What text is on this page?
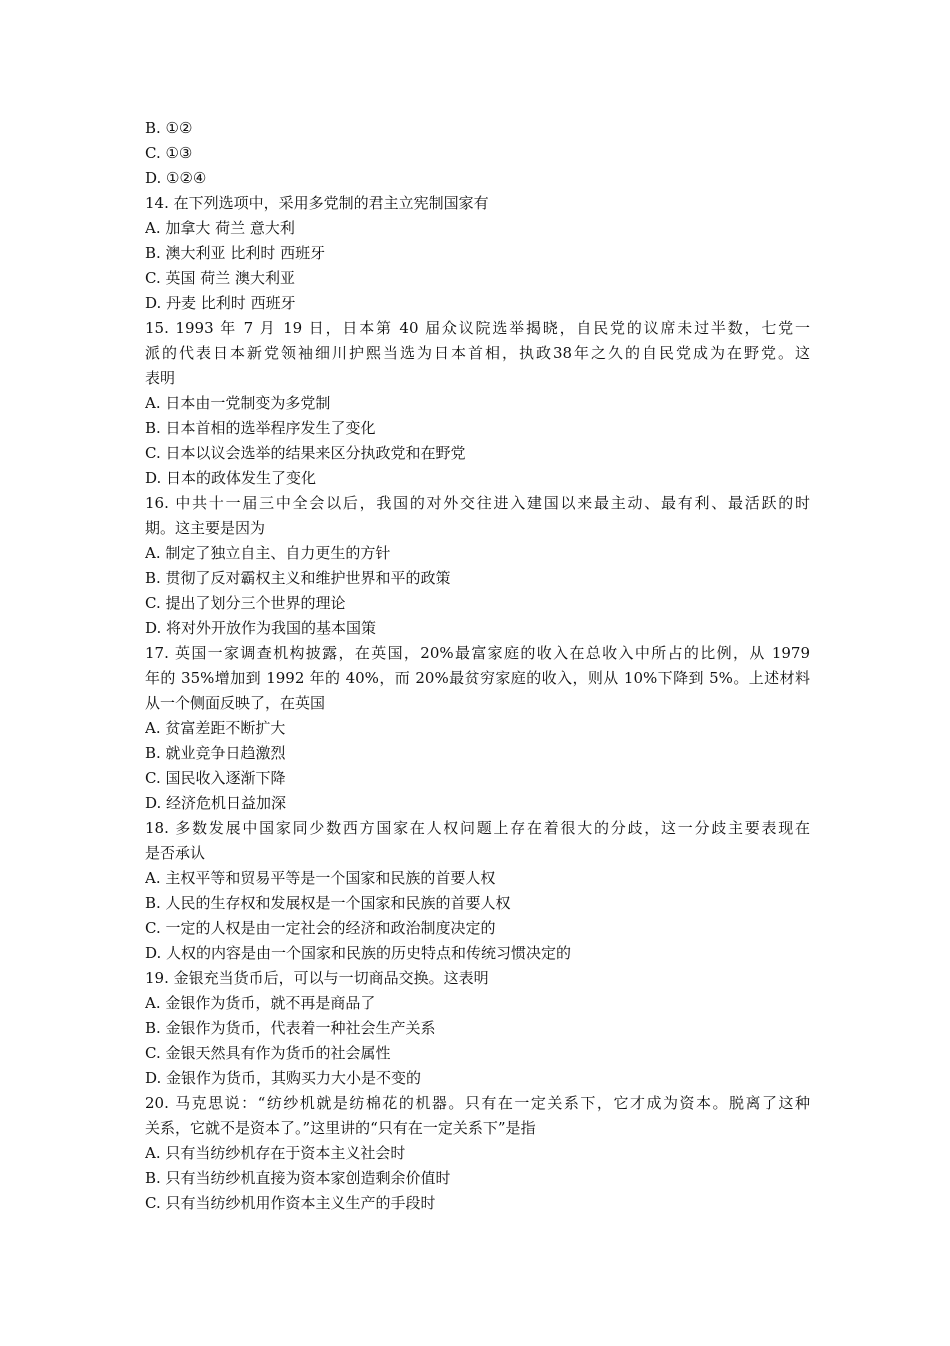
B. ①②
C. ①③
D. ①②④
14. 在下列选项中，采用多党制的君主立宪制国家有
A. 加拿大 荷兰 意大利
B. 澳大利亚 比利时 西班牙
C. 英国 荷兰 澳大利亚
D. 丹麦 比利时 西班牙
15. 1993 年 7 月 19 日，日本第 40 届众议院选举揭晓，自民党的议席未过半数，七党一
派的代表日本新党领袖细川护熙当选为日本首相，执政38年之久的自民党成为在野党。这
表明
A. 日本由一党制变为多党制
B. 日本首相的选举程序发生了变化
C. 日本以议会选举的结果来区分执政党和在野党
D. 日本的政体发生了变化
16. 中共十一届三中全会以后，我国的对外交往进入建国以来最主动、最有利、最活跃的时
期。这主要是因为
A. 制定了独立自主、自力更生的方针
B. 贯彻了反对霸权主义和维护世界和平的政策
C. 提出了划分三个世界的理论
D. 将对外开放作为我国的基本国策
17. 英国一家调查机构披露，在英国，20%最富家庭的收入在总收入中所占的比例，从 1979
年的 35%增加到 1992 年的 40%，而 20%最贫穷家庭的收入，则从 10%下降到 5%。上述材料
从一个侧面反映了，在英国
A. 贫富差距不断扩大
B. 就业竞争日趋激烈
C. 国民收入逐渐下降
D. 经济危机日益加深
18. 多数发展中国家同少数西方国家在人权问题上存在着很大的分歧，这一分歧主要表现在
是否承认
A. 主权平等和贸易平等是一个国家和民族的首要人权
B. 人民的生存权和发展权是一个国家和民族的首要人权
C. 一定的人权是由一定社会的经济和政治制度决定的
D. 人权的内容是由一个国家和民族的历史特点和传统习惯决定的
19. 金银充当货币后，可以与一切商品交换。这表明
A. 金银作为货币，就不再是商品了
B. 金银作为货币，代表着一种社会生产关系
C. 金银天然具有作为货币的社会属性
D. 金银作为货币，其购买力大小是不变的
20. 马克思说：“纺纱机就是纺棉花的机器。只有在一定关系下，它才成为资本。脱离了这种
关系，它就不是资本了。”这里讲的“只有在一定关系下”是指
A. 只有当纺纱机存在于资本主义社会时
B. 只有当纺纱机直接为资本家创造剩余价值时
C. 只有当纺纱机用作资本主义生产的手段时
